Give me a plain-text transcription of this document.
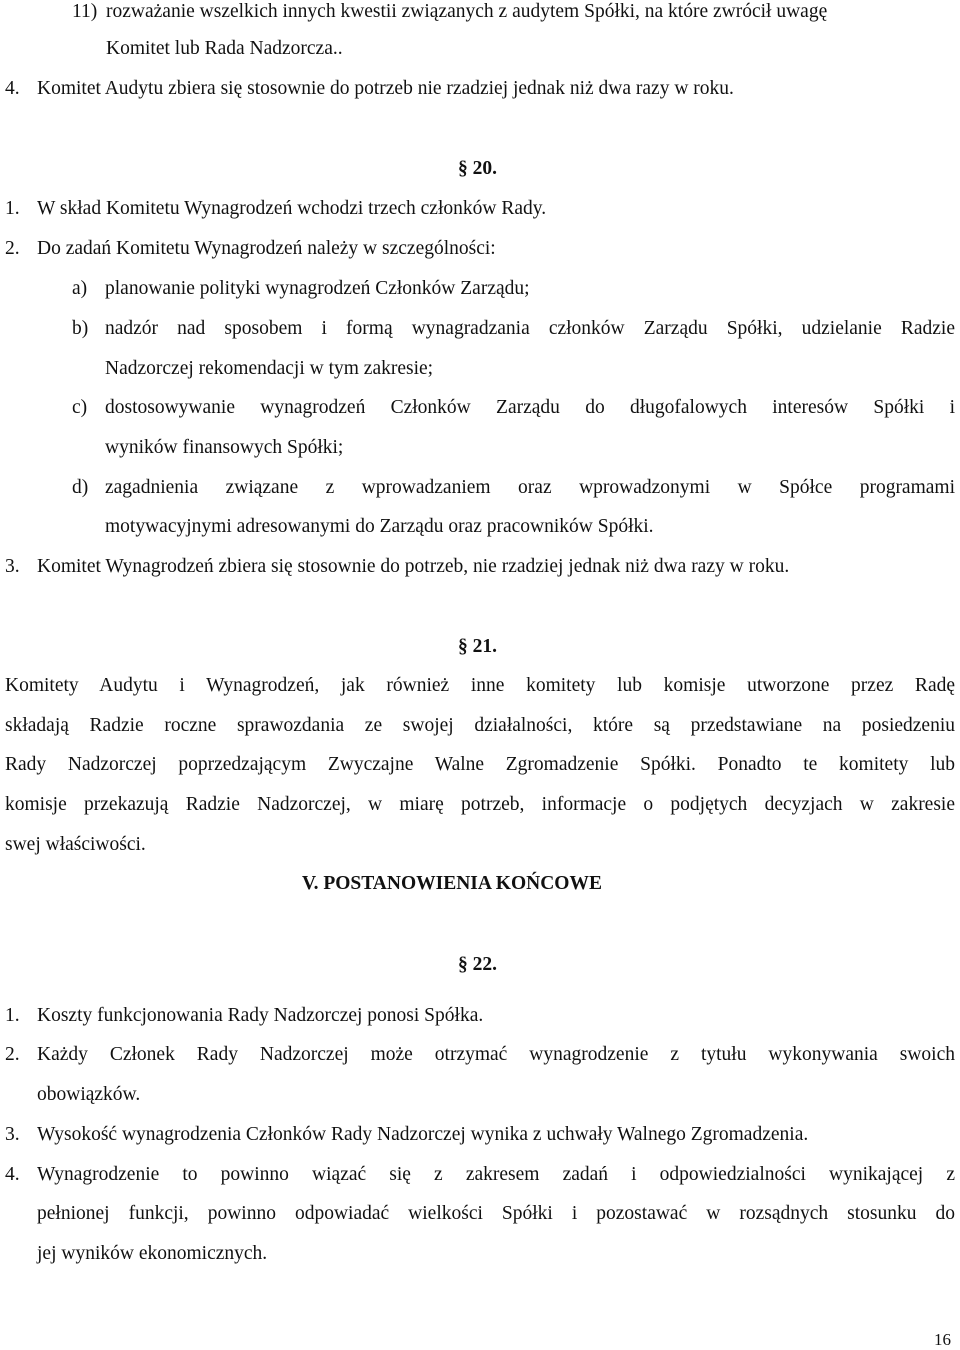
11) rozważanie wszelkich innych kwestii związanych z audytem Spółki, na które zwrócił uwagę
Komitet lub Rada Nadzorcza..
4. Komitet Audytu zbiera się stosownie do potrzeb nie rzadziej jednak niż dwa razy w roku.
§ 20.
1. W skład Komitetu Wynagrodzeń wchodzi trzech członków Rady.
2. Do zadań Komitetu Wynagrodzeń należy w szczególności:
a) planowanie polityki wynagrodzeń Członków Zarządu;
b) nadzór nad sposobem i formą wynagradzania członków Zarządu Spółki, udzielanie Radzie
Nadzorczej rekomendacji w tym zakresie;
c) dostosowywanie wynagrodzeń Członków Zarządu do długofalowych interesów Spółki i
wyników finansowych Spółki;
d) zagadnienia związane z wprowadzaniem oraz wprowadzonymi w Spółce programami
motywacyjnymi adresowanymi do Zarządu oraz pracowników Spółki.
3. Komitet Wynagrodzeń zbiera się stosownie do potrzeb, nie rzadziej jednak niż dwa razy w roku.
§ 21.
Komitety Audytu i Wynagrodzeń, jak również inne komitety lub komisje utworzone przez Radę
składają Radzie roczne sprawozdania ze swojej działalności, które są przedstawiane na posiedzeniu
Rady Nadzorczej poprzedzającym Zwyczajne Walne Zgromadzenie Spółki. Ponadto te komitety lub
komisje przekazują Radzie Nadzorczej, w miarę potrzeb, informacje o podjętych decyzjach w zakresie
swej właściwości.
V. POSTANOWIENIA KOŃCOWE
§ 22.
1. Koszty funkcjonowania Rady Nadzorczej ponosi Spółka.
2. Każdy Członek Rady Nadzorczej może otrzymać wynagrodzenie z tytułu wykonywania swoich
obowiązków.
3. Wysokość wynagrodzenia Członków Rady Nadzorczej wynika z uchwały Walnego Zgromadzenia.
4. Wynagrodzenie to powinno wiązać się z zakresem zadań i odpowiedzialności wynikającej z
pełnionej funkcji, powinno odpowiadać wielkości Spółki i pozostawać w rozsądnych stosunku do
jej wyników ekonomicznych.
16
